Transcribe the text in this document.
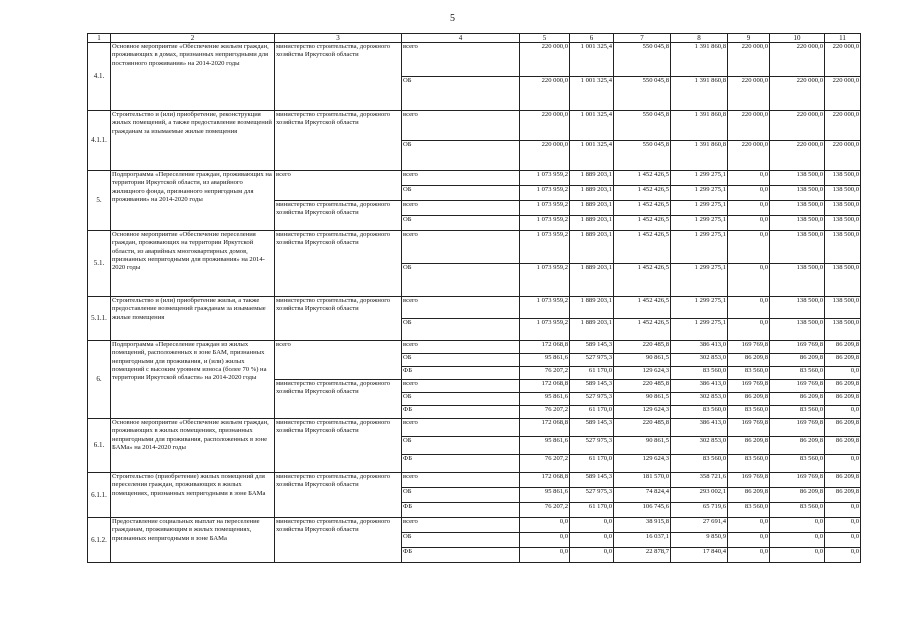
5
1	2	3	4	5	6	7	8	9	10	11
4.1.	Основное мероприятие «Обеспечение жильем граждан, проживающих в домах, признанных непригодными для постоянного проживания» на 2014-2020 годы	министерство строительства, дорожного хозяйства Иркутской области	всего	220 000,0	1 001 325,4	550 045,8	1 391 860,8	220 000,0	220 000,0	220 000,0
			ОБ	220 000,0	1 001 325,4	550 045,8	1 391 860,8	220 000,0	220 000,0	220 000,0
4.1.1.	Строительство и (или) приобретение, реконструкция жилых помещений, а также предоставление возмещений гражданам за изымаемые жилые помещения	министерство строительства, дорожного хозяйства Иркутской области	всего	220 000,0	1 001 325,4	550 045,8	1 391 860,8	220 000,0	220 000,0	220 000,0
			ОБ	220 000,0	1 001 325,4	550 045,8	1 391 860,8	220 000,0	220 000,0	220 000,0
5.	Подпрограмма «Переселение граждан, проживающих на территории Иркутской области, из аварийного жилищного фонда, признанного непригодным для проживания» на 2014-2020 годы	всего	всего	1 073 959,2	1 889 203,1	1 452 426,5	1 299 275,1	0,0	138 500,0	138 500,0
			ОБ	1 073 959,2	1 889 203,1	1 452 426,5	1 299 275,1	0,0	138 500,0	138 500,0
		министерство строительства, дорожного хозяйства Иркутской области	всего	1 073 959,2	1 889 203,1	1 452 426,5	1 299 275,1	0,0	138 500,0	138 500,0
			ОБ	1 073 959,2	1 889 203,1	1 452 426,5	1 299 275,1	0,0	138 500,0	138 500,0
5.1.	Основное мероприятие «Обеспечение переселения граждан, проживающих на территории Иркутской области, из аварийных многоквартирных домов, признанных непригодными для проживания» на 2014-2020 годы	министерство строительства, дорожного хозяйства Иркутской области	всего	1 073 959,2	1 889 203,1	1 452 426,5	1 299 275,1	0,0	138 500,0	138 500,0
			ОБ	1 073 959,2	1 889 203,1	1 452 426,5	1 299 275,1	0,0	138 500,0	138 500,0
5.1.1.	Строительство и (или) приобретение жилья, а также предоставление возмещений гражданам за изымаемые жилые помещения	министерство строительства, дорожного хозяйства Иркутской области	всего	1 073 959,2	1 889 203,1	1 452 426,5	1 299 275,1	0,0	138 500,0	138 500,0
			ОБ	1 073 959,2	1 889 203,1	1 452 426,5	1 299 275,1	0,0	138 500,0	138 500,0
6.	Подпрограмма «Переселение граждан из жилых помещений, расположенных в зоне БАМ, признанных непригодными для проживания, и (или) жилых помещений с высоким уровнем износа (более 70 %) на территории Иркутской области» на 2014-2020 годы	всего	всего	172 068,8	589 145,3	220 485,8	386 413,0	169 769,8	169 769,8	86 209,8
			ОБ	95 861,6	527 975,3	90 861,5	302 853,0	86 209,8	86 209,8	86 209,8
			ФБ	76 207,2	61 170,0	129 624,3	83 560,0	83 560,0	83 560,0	0,0
		министерство строительства, дорожного хозяйства Иркутской области	всего	172 068,8	589 145,3	220 485,8	386 413,0	169 769,8	169 769,8	86 209,8
			ОБ	95 861,6	527 975,3	90 861,5	302 853,0	86 209,8	86 209,8	86 209,8
			ФБ	76 207,2	61 170,0	129 624,3	83 560,0	83 560,0	83 560,0	0,0
6.1.	Основное мероприятие «Обеспечение жильем граждан, проживающих в жилых помещениях, признанных непригодными для проживания, расположенных в зоне БАМа» на 2014-2020 годы	министерство строительства, дорожного хозяйства Иркутской области	всего	172 068,8	589 145,3	220 485,8	386 413,0	169 769,8	169 769,8	86 209,8
			ОБ	95 861,6	527 975,3	90 861,5	302 853,0	86 209,8	86 209,8	86 209,8
			ФБ	76 207,2	61 170,0	129 624,3	83 560,0	83 560,0	83 560,0	0,0
6.1.1.	Строительство (приобретение) жилых помещений для переселения граждан, проживающих в жилых помещениях, признанных непригодными в зоне БАМа	министерство строительства, дорожного хозяйства Иркутской области	всего	172 068,8	589 145,3	181 570,0	358 721,6	169 769,8	169 769,8	86 209,8
			ОБ	95 861,6	527 975,3	74 824,4	293 002,1	86 209,8	86 209,8	86 209,8
			ФБ	76 207,2	61 170,0	106 745,6	65 719,6	83 560,0	83 560,0	0,0
6.1.2.	Предоставление социальных выплат на переселение гражданам, проживающим в жилых помещениях, признанных непригодными в зоне БАМа	министерство строительства, дорожного хозяйства Иркутской области	всего	0,0	0,0	38 915,8	27 691,4	0,0	0,0	0,0
			ОБ	0,0	0,0	16 037,1	9 850,9	0,0	0,0	0,0
			ФБ	0,0	0,0	22 878,7	17 840,4	0,0	0,0	0,0
